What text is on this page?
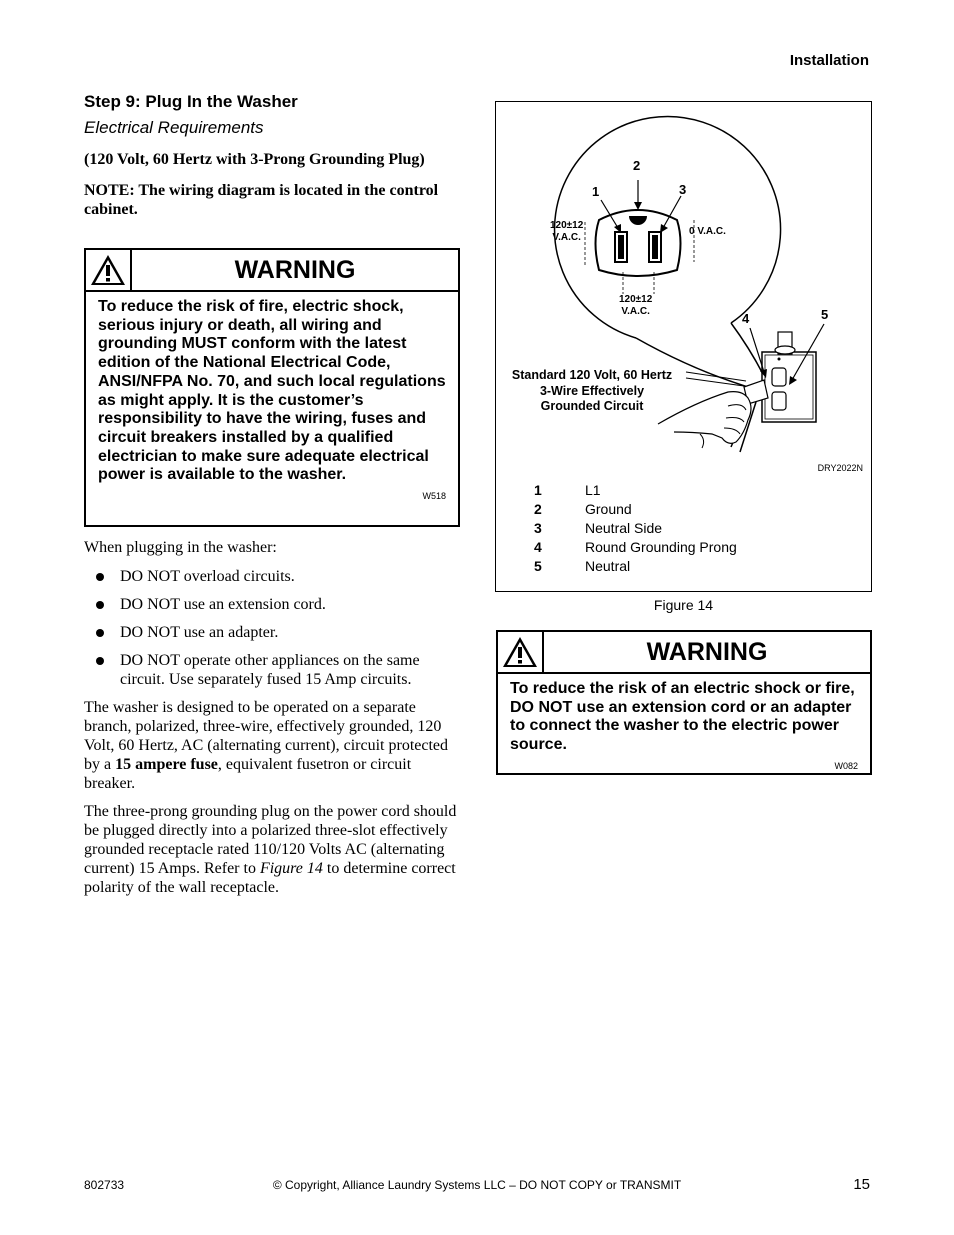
Installation
Step 9: Plug In the Washer
Electrical Requirements
(120 Volt, 60 Hertz with 3-Prong Grounding Plug)
NOTE: The wiring diagram is located in the control cabinet.
WARNING
To reduce the risk of fire, electric shock, serious injury or death, all wiring and grounding MUST conform with the latest edition of the National Electrical Code, ANSI/NFPA No. 70, and such local regulations as might apply. It is the customer’s responsibility to have the wiring, fuses and circuit breakers installed by a qualified electrician to make sure adequate electrical power is available to the washer.
W518
When plugging in the washer:
DO NOT overload circuits.
DO NOT use an extension cord.
DO NOT use an adapter.
DO NOT operate other appliances on the same circuit. Use separately fused 15 Amp circuits.

The washer is designed to be operated on a separate branch, polarized, three-wire, effectively grounded, 120 Volt, 60 Hertz, AC (alternating current), circuit protected by a 15 ampere fuse, equivalent fusetron or circuit breaker.

The three-prong grounding plug on the power cord should be plugged directly into a polarized three-slot effectively grounded receptacle rated 110/120 Volts AC (alternating current) 15 Amps. Refer to Figure 14 to determine correct polarity of the wall receptacle.

2
1	3
4	5
120±12
V.A.C.
0 V.A.C.
120±12
V.A.C.
Standard 120 Volt, 60 Hertz
3-Wire Effectively
Grounded Circuit
DRY2022N
1	L1
2	Ground
3	Neutral Side
4	Round Grounding Prong
5	Neutral
Figure 14
WARNING
To reduce the risk of an electric shock or fire, DO NOT use an extension cord or an adapter to connect the washer to the electric power source.
W082
802733	© Copyright, Alliance Laundry Systems LLC – DO NOT COPY or TRANSMIT	15
